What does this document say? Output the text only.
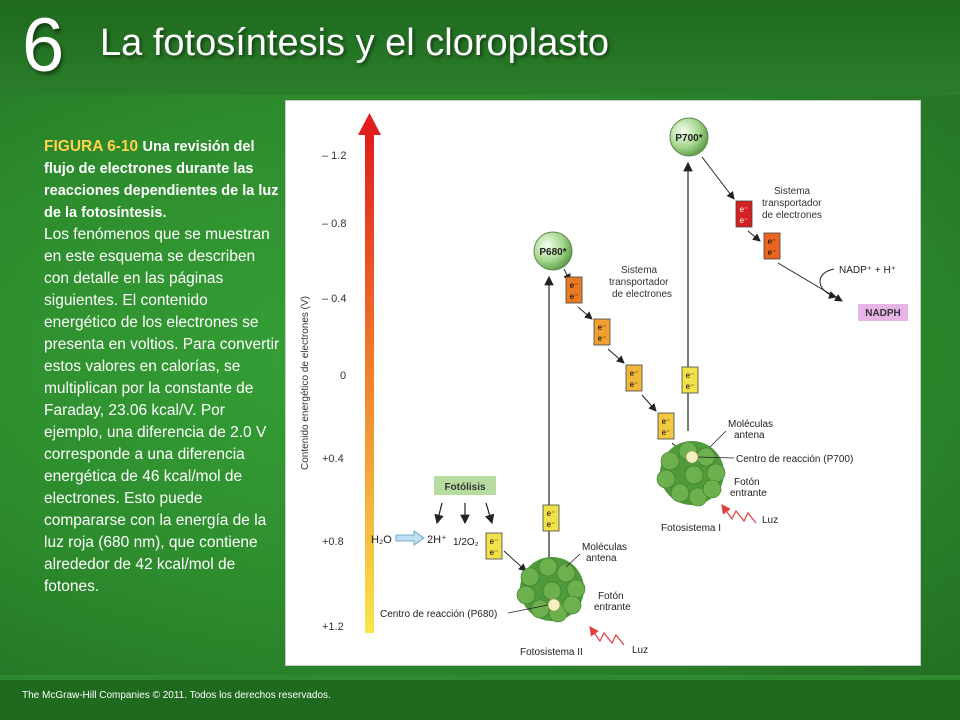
6 La fotosíntesis y el cloroplasto
FIGURA 6-10 Una revisión del flujo de electrones durante las reacciones dependientes de la luz de la fotosíntesis.
Los fenómenos que se muestran en este esquema se describen con detalle en las páginas siguientes. El contenido energético de los electrones se presenta en voltios. Para convertir estos valores en calorías, se multiplican por la constante de Faraday, 23.06 kcal/V. Por ejemplo, una diferencia de 2.0 V corresponde a una diferencia energética de 46 kcal/mol de electrones. Esto puede compararse con la energía de la luz roja (680 nm), que contiene alrededor de 42 kcal/mol de fotones.
Contenido energético de electrones (V)
– 1.2
– 0.8
– 0.4
0
+0.4
+0.8
+1.2
P680*
P700*
e⁻
e⁻
e⁻
e⁻
e⁻
e⁻
e⁻
e⁻
e⁻
e⁻
e⁻
e⁻
e⁻
e⁻
e⁻
e⁻
Sistema transportador de electrones
Sistema transportador de electrones
NADP⁺ + H⁺
NADPH
Fotólisis
H₂O	2H⁺ 1/2O₂ e⁻
e⁻
Moléculas antena
Centro de reacción (P700)
Fotón entrante
Luz
Fotosistema I
Moléculas antena
Centro de reacción (P680)
Fotón entrante
Luz
Fotosistema II
The McGraw-Hill Companies © 2011. Todos los derechos reservados.
